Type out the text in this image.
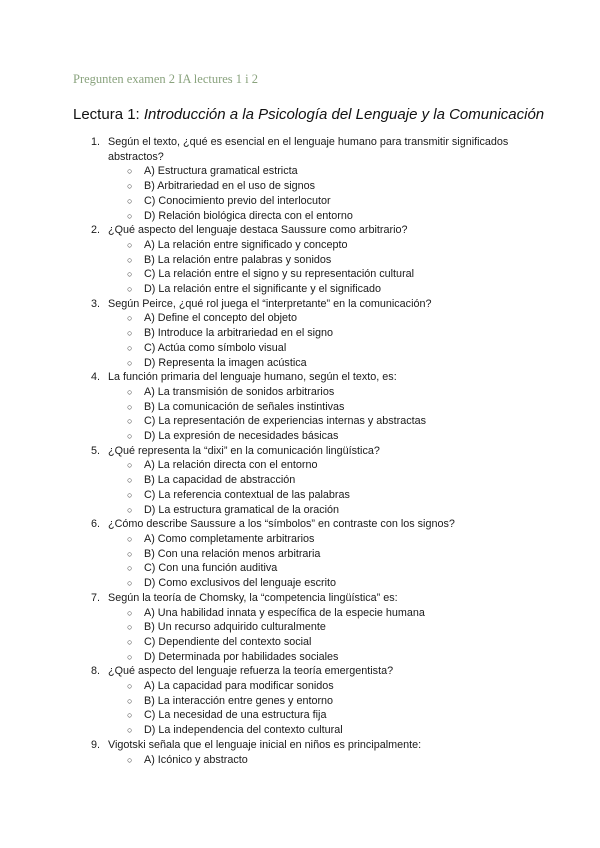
Pregunten examen 2 IA lectures 1 i 2
Lectura 1: Introducción a la Psicología del Lenguaje y la Comunicación
1. Según el texto, ¿qué es esencial en el lenguaje humano para transmitir significados abstractos?
○ A) Estructura gramatical estricta
○ B) Arbitrariedad en el uso de signos
○ C) Conocimiento previo del interlocutor
○ D) Relación biológica directa con el entorno
2. ¿Qué aspecto del lenguaje destaca Saussure como arbitrario?
○ A) La relación entre significado y concepto
○ B) La relación entre palabras y sonidos
○ C) La relación entre el signo y su representación cultural
○ D) La relación entre el significante y el significado
3. Según Peirce, ¿qué rol juega el “interpretante” en la comunicación?
○ A) Define el concepto del objeto
○ B) Introduce la arbitrariedad en el signo
○ C) Actúa como símbolo visual
○ D) Representa la imagen acústica
4. La función primaria del lenguaje humano, según el texto, es:
○ A) La transmisión de sonidos arbitrarios
○ B) La comunicación de señales instintivas
○ C) La representación de experiencias internas y abstractas
○ D) La expresión de necesidades básicas
5. ¿Qué representa la “dixi” en la comunicación lingüística?
○ A) La relación directa con el entorno
○ B) La capacidad de abstracción
○ C) La referencia contextual de las palabras
○ D) La estructura gramatical de la oración
6. ¿Cómo describe Saussure a los “símbolos” en contraste con los signos?
○ A) Como completamente arbitrarios
○ B) Con una relación menos arbitraria
○ C) Con una función auditiva
○ D) Como exclusivos del lenguaje escrito
7. Según la teoría de Chomsky, la “competencia lingüística” es:
○ A) Una habilidad innata y específica de la especie humana
○ B) Un recurso adquirido culturalmente
○ C) Dependiente del contexto social
○ D) Determinada por habilidades sociales
8. ¿Qué aspecto del lenguaje refuerza la teoría emergentista?
○ A) La capacidad para modificar sonidos
○ B) La interacción entre genes y entorno
○ C) La necesidad de una estructura fija
○ D) La independencia del contexto cultural
9. Vigotski señala que el lenguaje inicial en niños es principalmente:
○ A) Icónico y abstracto
